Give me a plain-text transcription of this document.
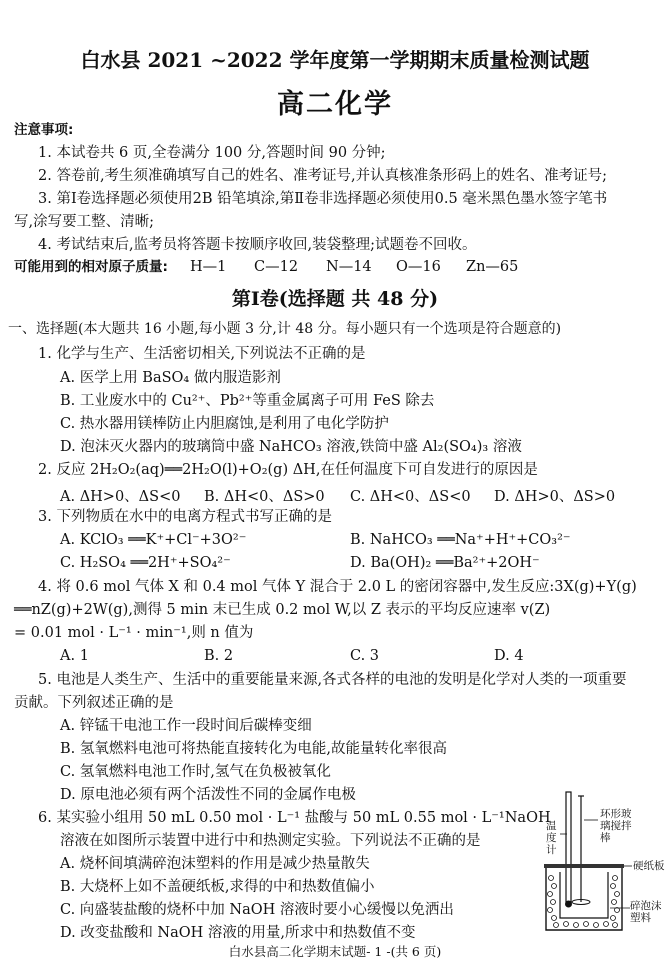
白水县 2021 ~2022 学年度第一学期期末质量检测试题
高二化学
注意事项:
1. 本试卷共 6 页,全卷满分 100 分,答题时间 90 分钟;
2. 答卷前,考生须准确填写自己的姓名、准考证号,并认真核准条形码上的姓名、准考证号;
3. 第Ⅰ卷选择题必须使用2B 铅笔填涂,第Ⅱ卷非选择题必须使用0.5 毫米黑色墨水签字笔书
写,涂写要工整、清晰;
4. 考试结束后,监考员将答题卡按顺序收回,装袋整理;试题卷不回收。
可能用到的相对原子质量: H—1 C—12 N—14 O—16 Zn—65
第Ⅰ卷(选择题 共 48 分)
一、选择题(本大题共 16 小题,每小题 3 分,计 48 分。每小题只有一个选项是符合题意的)
1. 化学与生产、生活密切相关,下列说法不正确的是
A. 医学上用 BaSO₄ 做内服造影剂
B. 工业废水中的 Cu²⁺、Pb²⁺等重金属离子可用 FeS 除去
C. 热水器用镁棒防止内胆腐蚀,是利用了电化学防护
D. 泡沫灭火器内的玻璃筒中盛 NaHCO₃ 溶液,铁筒中盛 Al₂(SO₄)₃ 溶液
2. 反应 2H₂O₂(aq)══2H₂O(l)+O₂(g) ΔH,在任何温度下可自发进行的原因是
A. ΔH>0、ΔS<0 B. ΔH<0、ΔS>0 C. ΔH<0、ΔS<0 D. ΔH>0、ΔS>0
3. 下列物质在水中的电离方程式书写正确的是
A. KClO₃ ══K⁺+Cl⁻+3O²⁻	B. NaHCO₃ ══Na⁺+H⁺+CO₃²⁻
C. H₂SO₄ ══2H⁺+SO₄²⁻	D. Ba(OH)₂ ══Ba²⁺+2OH⁻
4. 将 0.6 mol 气体 X 和 0.4 mol 气体 Y 混合于 2.0 L 的密闭容器中,发生反应:3X(g)+Y(g)
══nZ(g)+2W(g),测得 5 min 末已生成 0.2 mol W,以 Z 表示的平均反应速率 v(Z)
= 0.01 mol · L⁻¹ · min⁻¹,则 n 值为
A. 1	B. 2	C. 3	D. 4
5. 电池是人类生产、生活中的重要能量来源,各式各样的电池的发明是化学对人类的一项重要
贡献。下列叙述正确的是
A. 锌锰干电池工作一段时间后碳棒变细
B. 氢氧燃料电池可将热能直接转化为电能,故能量转化率很高
C. 氢氧燃料电池工作时,氢气在负极被氧化
D. 原电池必须有两个活泼性不同的金属作电极
6. 某实验小组用 50 mL 0.50 mol · L⁻¹ 盐酸与 50 mL 0.55 mol · L⁻¹NaOH
溶液在如图所示装置中进行中和热测定实验。下列说法不正确的是
A. 烧杯间填满碎泡沫塑料的作用是减少热量散失
B. 大烧杯上如不盖硬纸板,求得的中和热数值偏小
C. 向盛装盐酸的烧杯中加 NaOH 溶液时要小心缓慢以免洒出
D. 改变盐酸和 NaOH 溶液的用量,所求中和热数值不变
温度计
环形玻璃搅拌棒
硬纸板
碎泡沫塑料
白水县高二化学期末试题- 1 -(共 6 页)
